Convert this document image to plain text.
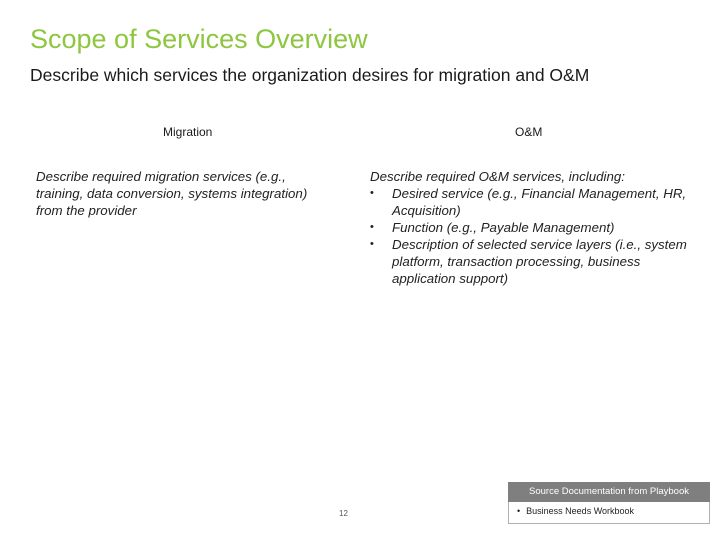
Scope of Services Overview
Describe which services the organization desires for migration and O&M
Migration	O&M
Describe required migration services (e.g., training, data conversion, systems integration) from the provider
Describe required O&M services, including:
• Desired service (e.g., Financial Management, HR, Acquisition)
• Function (e.g., Payable Management)
• Description of selected service layers (i.e., system platform, transaction processing, business application support)
12
Source Documentation from Playbook
• Business Needs Workbook
